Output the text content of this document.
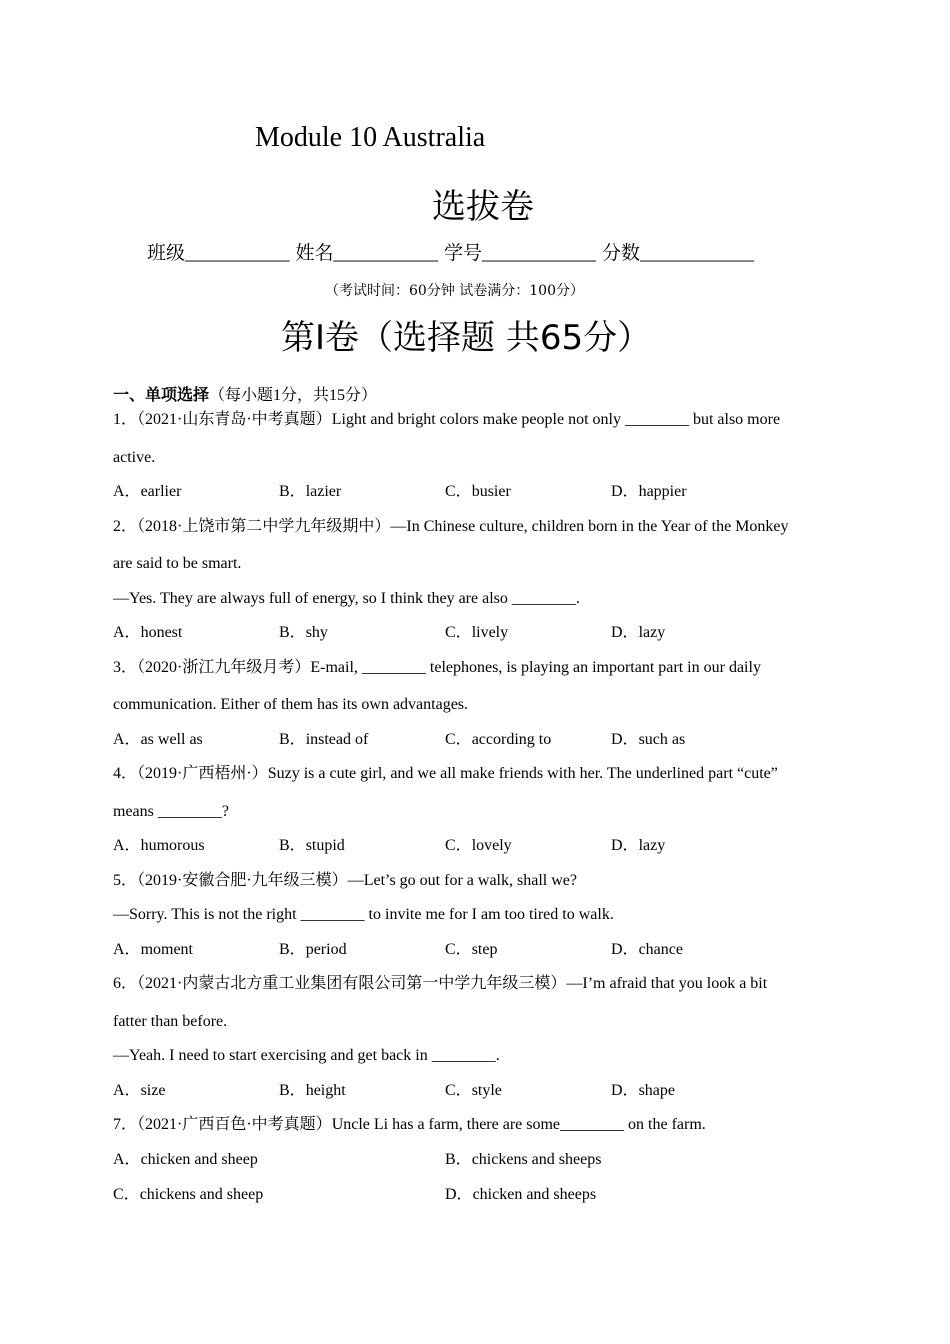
Module 10 Australia
选拔卷
班级___________ 姓名___________ 学号____________ 分数____________
（考试时间：60分钟 试卷满分：100分）
第I卷（选择题 共65分）
一、单项选择（每小题1分，共15分）
1．（2021·山东青岛·中考真题）Light and bright colors make people not only ________ but also more
active.
A．earlier	B．lazier	C．busier	D．happier
2．（2018·上饶市第二中学九年级期中）—In Chinese culture, children born in the Year of the Monkey
are said to be smart.
—Yes. They are always full of energy, so I think they are also ________.
A．honest	B．shy	C．lively	D．lazy
3．（2020·浙江九年级月考）E-mail, ________ telephones, is playing an important part in our daily
communication. Either of them has its own advantages.
A．as well as	B．instead of	C．according to	D．such as
4．（2019·广西梧州·）Suzy is a cute girl, and we all make friends with her. The underlined part “cute”
means ________?
A．humorous	B．stupid	C．lovely	D．lazy
5．（2019·安徽合肥·九年级三模）—Let’s go out for a walk, shall we?
—Sorry. This is not the right ________ to invite me for I am too tired to walk.
A．moment	B．period	C．step	D．chance
6．（2021·内蒙古北方重工业集团有限公司第一中学九年级三模）—I’m afraid that you look a bit
fatter than before.
—Yeah. I need to start exercising and get back in ________.
A．size	B．height	C．style	D．shape
7．（2021·广西百色·中考真题）Uncle Li has a farm, there are some________ on the farm.
A．chicken and sheep	B．chickens and sheeps
C．chickens and sheep	D．chicken and sheeps
